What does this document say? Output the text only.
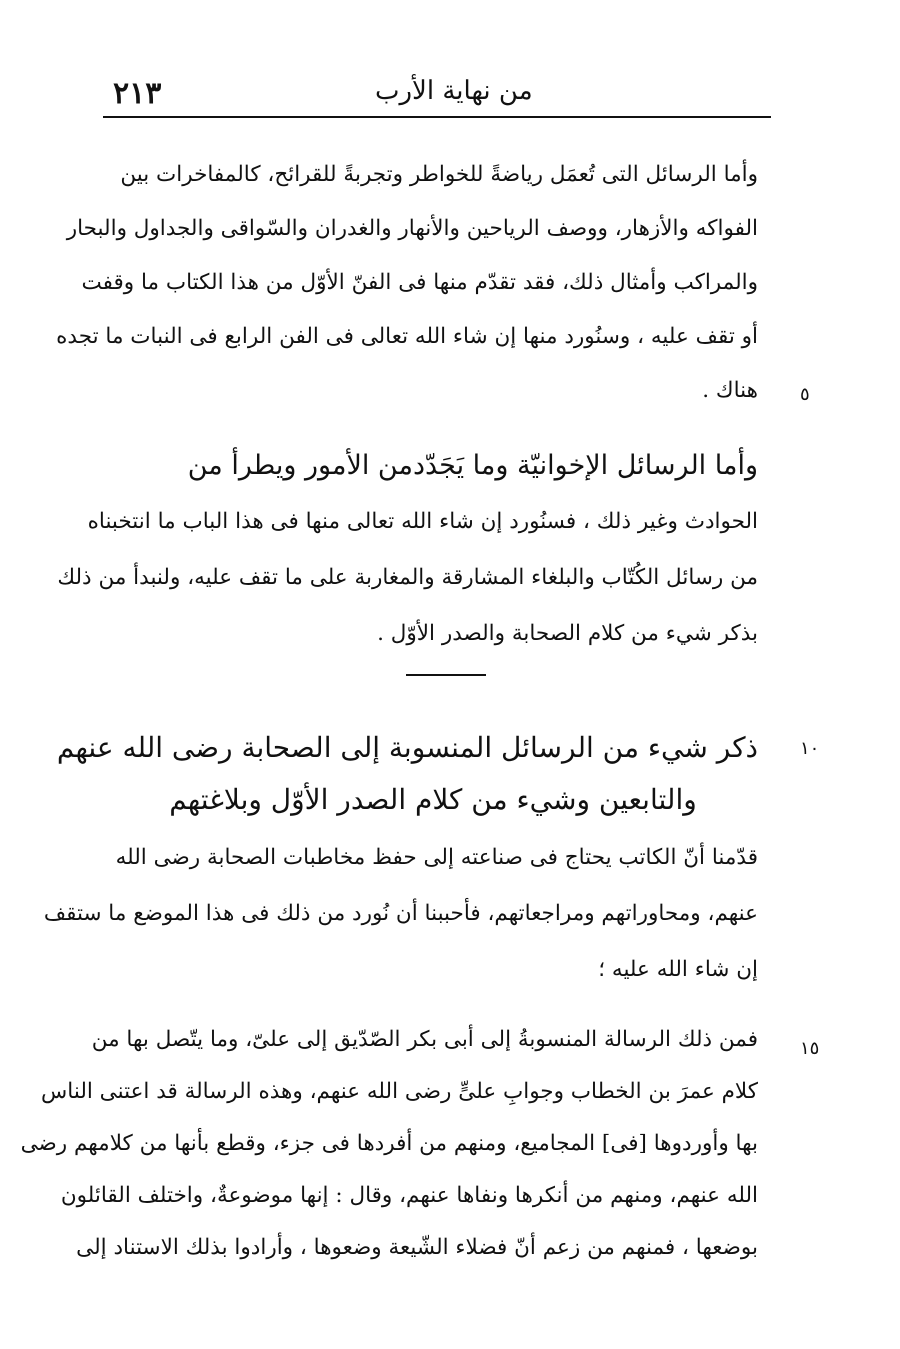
٢١٣	من نهاية الأرب
٥
١٠
١٥
وأما الرسائل التى تُعمَل رياضةً للخواطر وتجربةً للقرائح، كالمفاخرات بين
الفواكه والأزهار، ووصف الرياحين والأنهار والغدران والسّواقى والجداول والبحار
والمراكب وأمثال ذلك، فقد تقدّم منها فى الفنّ الأوّل من هذا الكتاب ما وقفت
أو تقف عليه ، وسنُورد منها إن شاء الله تعالى فى الفن الرابع فى النبات ما تجده
هناك .
وأما الرسائل الإخوانيّة وما يَجَدّدمن الأمور ويطرأ من
الحوادث وغير ذلك ، فسنُورد إن شاء الله تعالى منها فى هذا الباب ما انتخبناه
من رسائل الكُتّاب والبلغاء المشارقة والمغاربة على ما تقف عليه، ولنبدأ من ذلك
بذكر شيء من كلام الصحابة والصدر الأوّل .
ذكر شيء من الرسائل المنسوبة إلى الصحابة رضى الله عنهم
والتابعين وشيء من كلام الصدر الأوّل وبلاغتهم
قدّمنا أنّ الكاتب يحتاج فى صناعته إلى حفظ مخاطبات الصحابة رضى الله
عنهم، ومحاوراتهم ومراجعاتهم، فأحببنا أن نُورد من ذلك فى هذا الموضع ما ستقف
إن شاء الله عليه ؛
فمن ذلك الرسالة المنسوبةُ إلى أبى بكر الصّدّيق إلى علىّ، وما يتّصل بها من
كلام عمرَ بن الخطاب وجوابِ علىٍّ رضى الله عنهم، وهذه الرسالة قد اعتنى الناس
بها وأوردوها [فى] المجاميع، ومنهم من أفردها فى جزء، وقطع بأنها من كلامهم رضى
الله عنهم، ومنهم من أنكرها ونفاها عنهم، وقال : إنها موضوعةٌ، واختلف القائلون
بوضعها ، فمنهم من زعم أنّ فضلاء الشّيعة وضعوها ، وأرادوا بذلك الاستناد إلى
